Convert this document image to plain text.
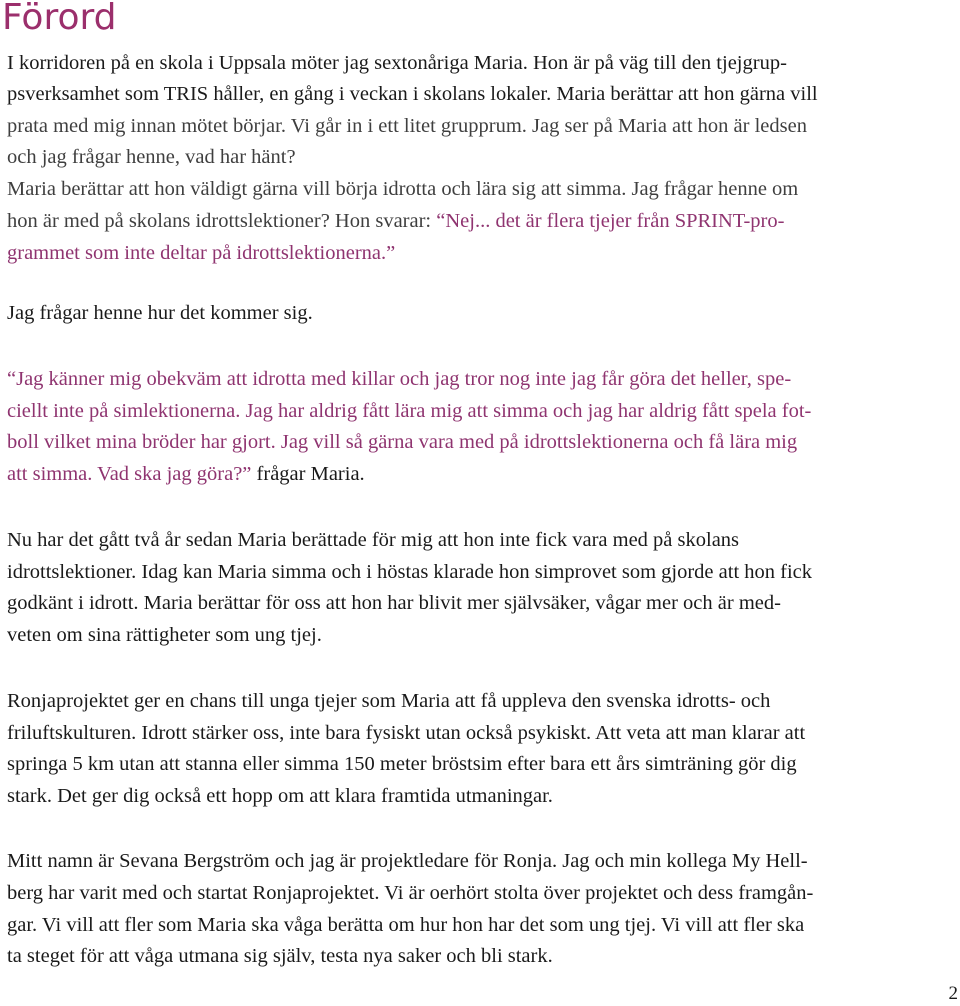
Förord
I korridoren på en skola i Uppsala möter jag sextonåriga Maria. Hon är på väg till den tjejgrup-
psverksamhet som TRIS håller, en gång i veckan i skolans lokaler. Maria berättar att hon gärna vill
prata med mig innan mötet börjar. Vi går in i ett litet grupprum. Jag ser på Maria att hon är ledsen
och jag frågar henne, vad har hänt?
Maria berättar att hon väldigt gärna vill börja idrotta och lära sig att simma. Jag frågar henne om
hon är med på skolans idrottslektioner? Hon svarar: “Nej... det är flera tjejer från SPRINT-pro-
grammet som inte deltar på idrottslektionerna.”
Jag frågar henne hur det kommer sig.
“Jag känner mig obekväm att idrotta med killar och jag tror nog inte jag får göra det heller, spe-
ciellt inte på simlektionerna. Jag har aldrig fått lära mig att simma och jag har aldrig fått spela fot-
boll vilket mina bröder har gjort. Jag vill så gärna vara med på idrottslektionerna och få lära mig
att simma. Vad ska jag göra?” frågar Maria.
Nu har det gått två år sedan Maria berättade för mig att hon inte fick vara med på skolans
idrottslektioner. Idag kan Maria simma och i höstas klarade hon simprovet som gjorde att hon fick
godkänt i idrott. Maria berättar för oss att hon har blivit mer självsäker, vågar mer och är med-
veten om sina rättigheter som ung tjej.
Ronjaprojektet ger en chans till unga tjejer som Maria att få uppleva den svenska idrotts- och
friluftskulturen. Idrott stärker oss, inte bara fysiskt utan också psykiskt. Att veta att man klarar att
springa 5 km utan att stanna eller simma 150 meter bröstsim efter bara ett års simträning gör dig
stark. Det ger dig också ett hopp om att klara framtida utmaningar.
Mitt namn är Sevana Bergström och jag är projektledare för Ronja. Jag och min kollega My Hell-
berg har varit med och startat Ronjaprojektet. Vi är oerhört stolta över projektet och dess framgån-
gar. Vi vill att fler som Maria ska våga berätta om hur hon har det som ung tjej. Vi vill att fler ska
ta steget för att våga utmana sig själv, testa nya saker och bli stark.
2
